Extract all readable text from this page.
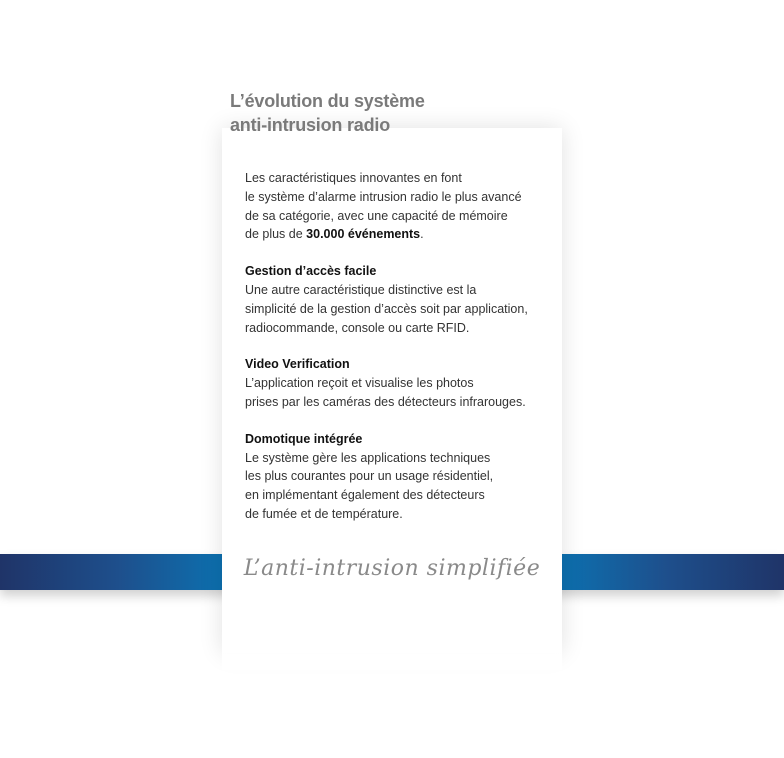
L’évolution du système
anti-intrusion radio

Les caractéristiques innovantes en font
le système d’alarme intrusion radio le plus avancé
de sa catégorie, avec une capacité de mémoire
de plus de 30.000 événements.

Gestion d’accès facile
Une autre caractéristique distinctive est la
simplicité de la gestion d’accès soit par application,
radiocommande, console ou carte RFID.

Video Verification
L’application reçoit et visualise les photos
prises par les caméras des détecteurs infrarouges.

Domotique intégrée
Le système gère les applications techniques
les plus courantes pour un usage résidentiel,
en implémentant également des détecteurs
de fumée et de température.

L’anti-intrusion simplifiée
